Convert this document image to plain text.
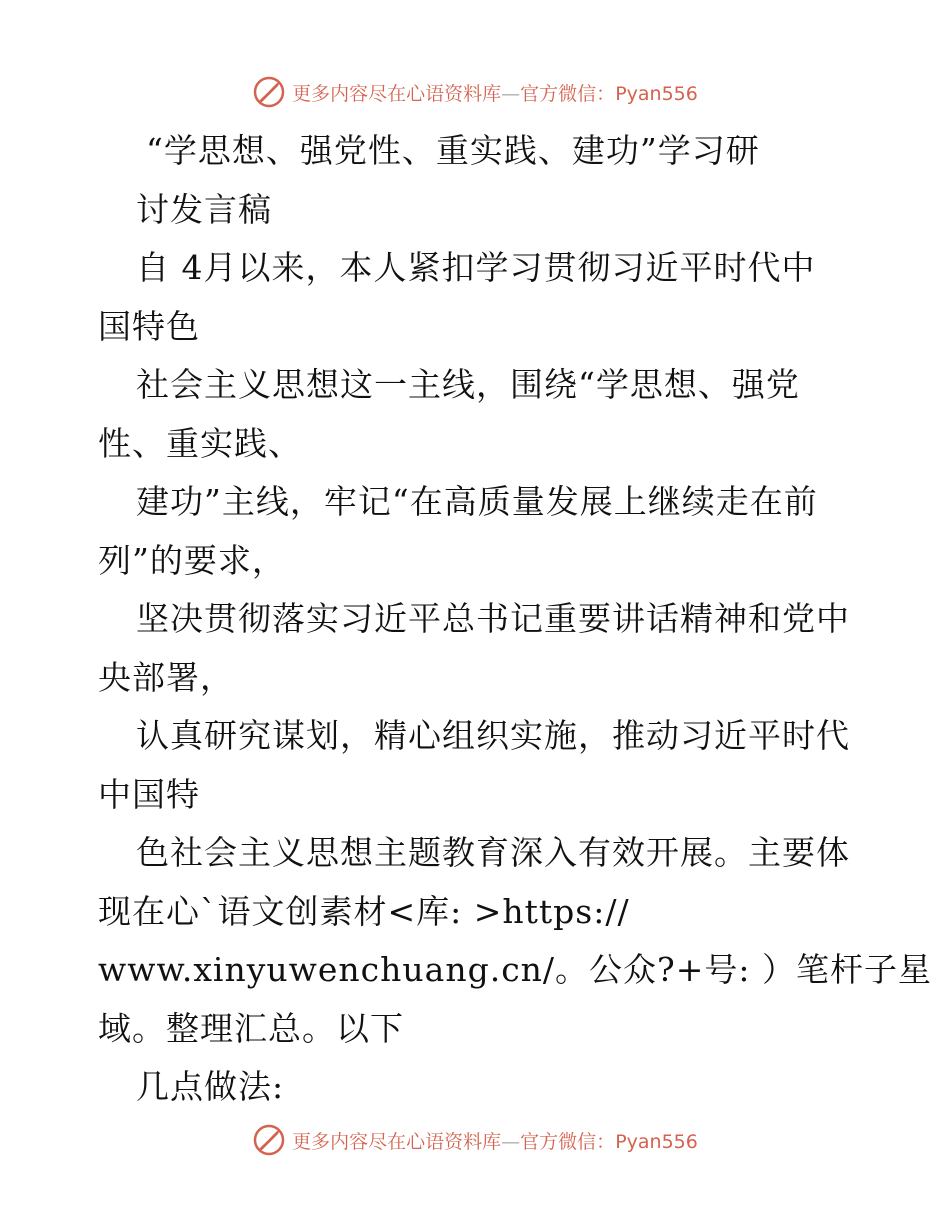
更多内容尽在心语资料库—官方微信：Pyan556
“学思想、强党性、重实践、建功”学习研
讨发言稿
自 4月以来，本人紧扣学习贯彻习近平时代中
国特色
社会主义思想这一主线，围绕“学思想、强党
性、重实践、
建功”主线，牢记“在高质量发展上继续走在前
列”的要求，
坚决贯彻落实习近平总书记重要讲话精神和党中
央部署，
认真研究谋划，精心组织实施，推动习近平时代
中国特
色社会主义思想主题教育深入有效开展。主要体
现在心`语文创素材<库: >https://
www.xinyuwenchuang.cn/。公众?+号: ）笔杆子星
域。整理汇总。以下
几点做法:
更多内容尽在心语资料库—官方微信：Pyan556
